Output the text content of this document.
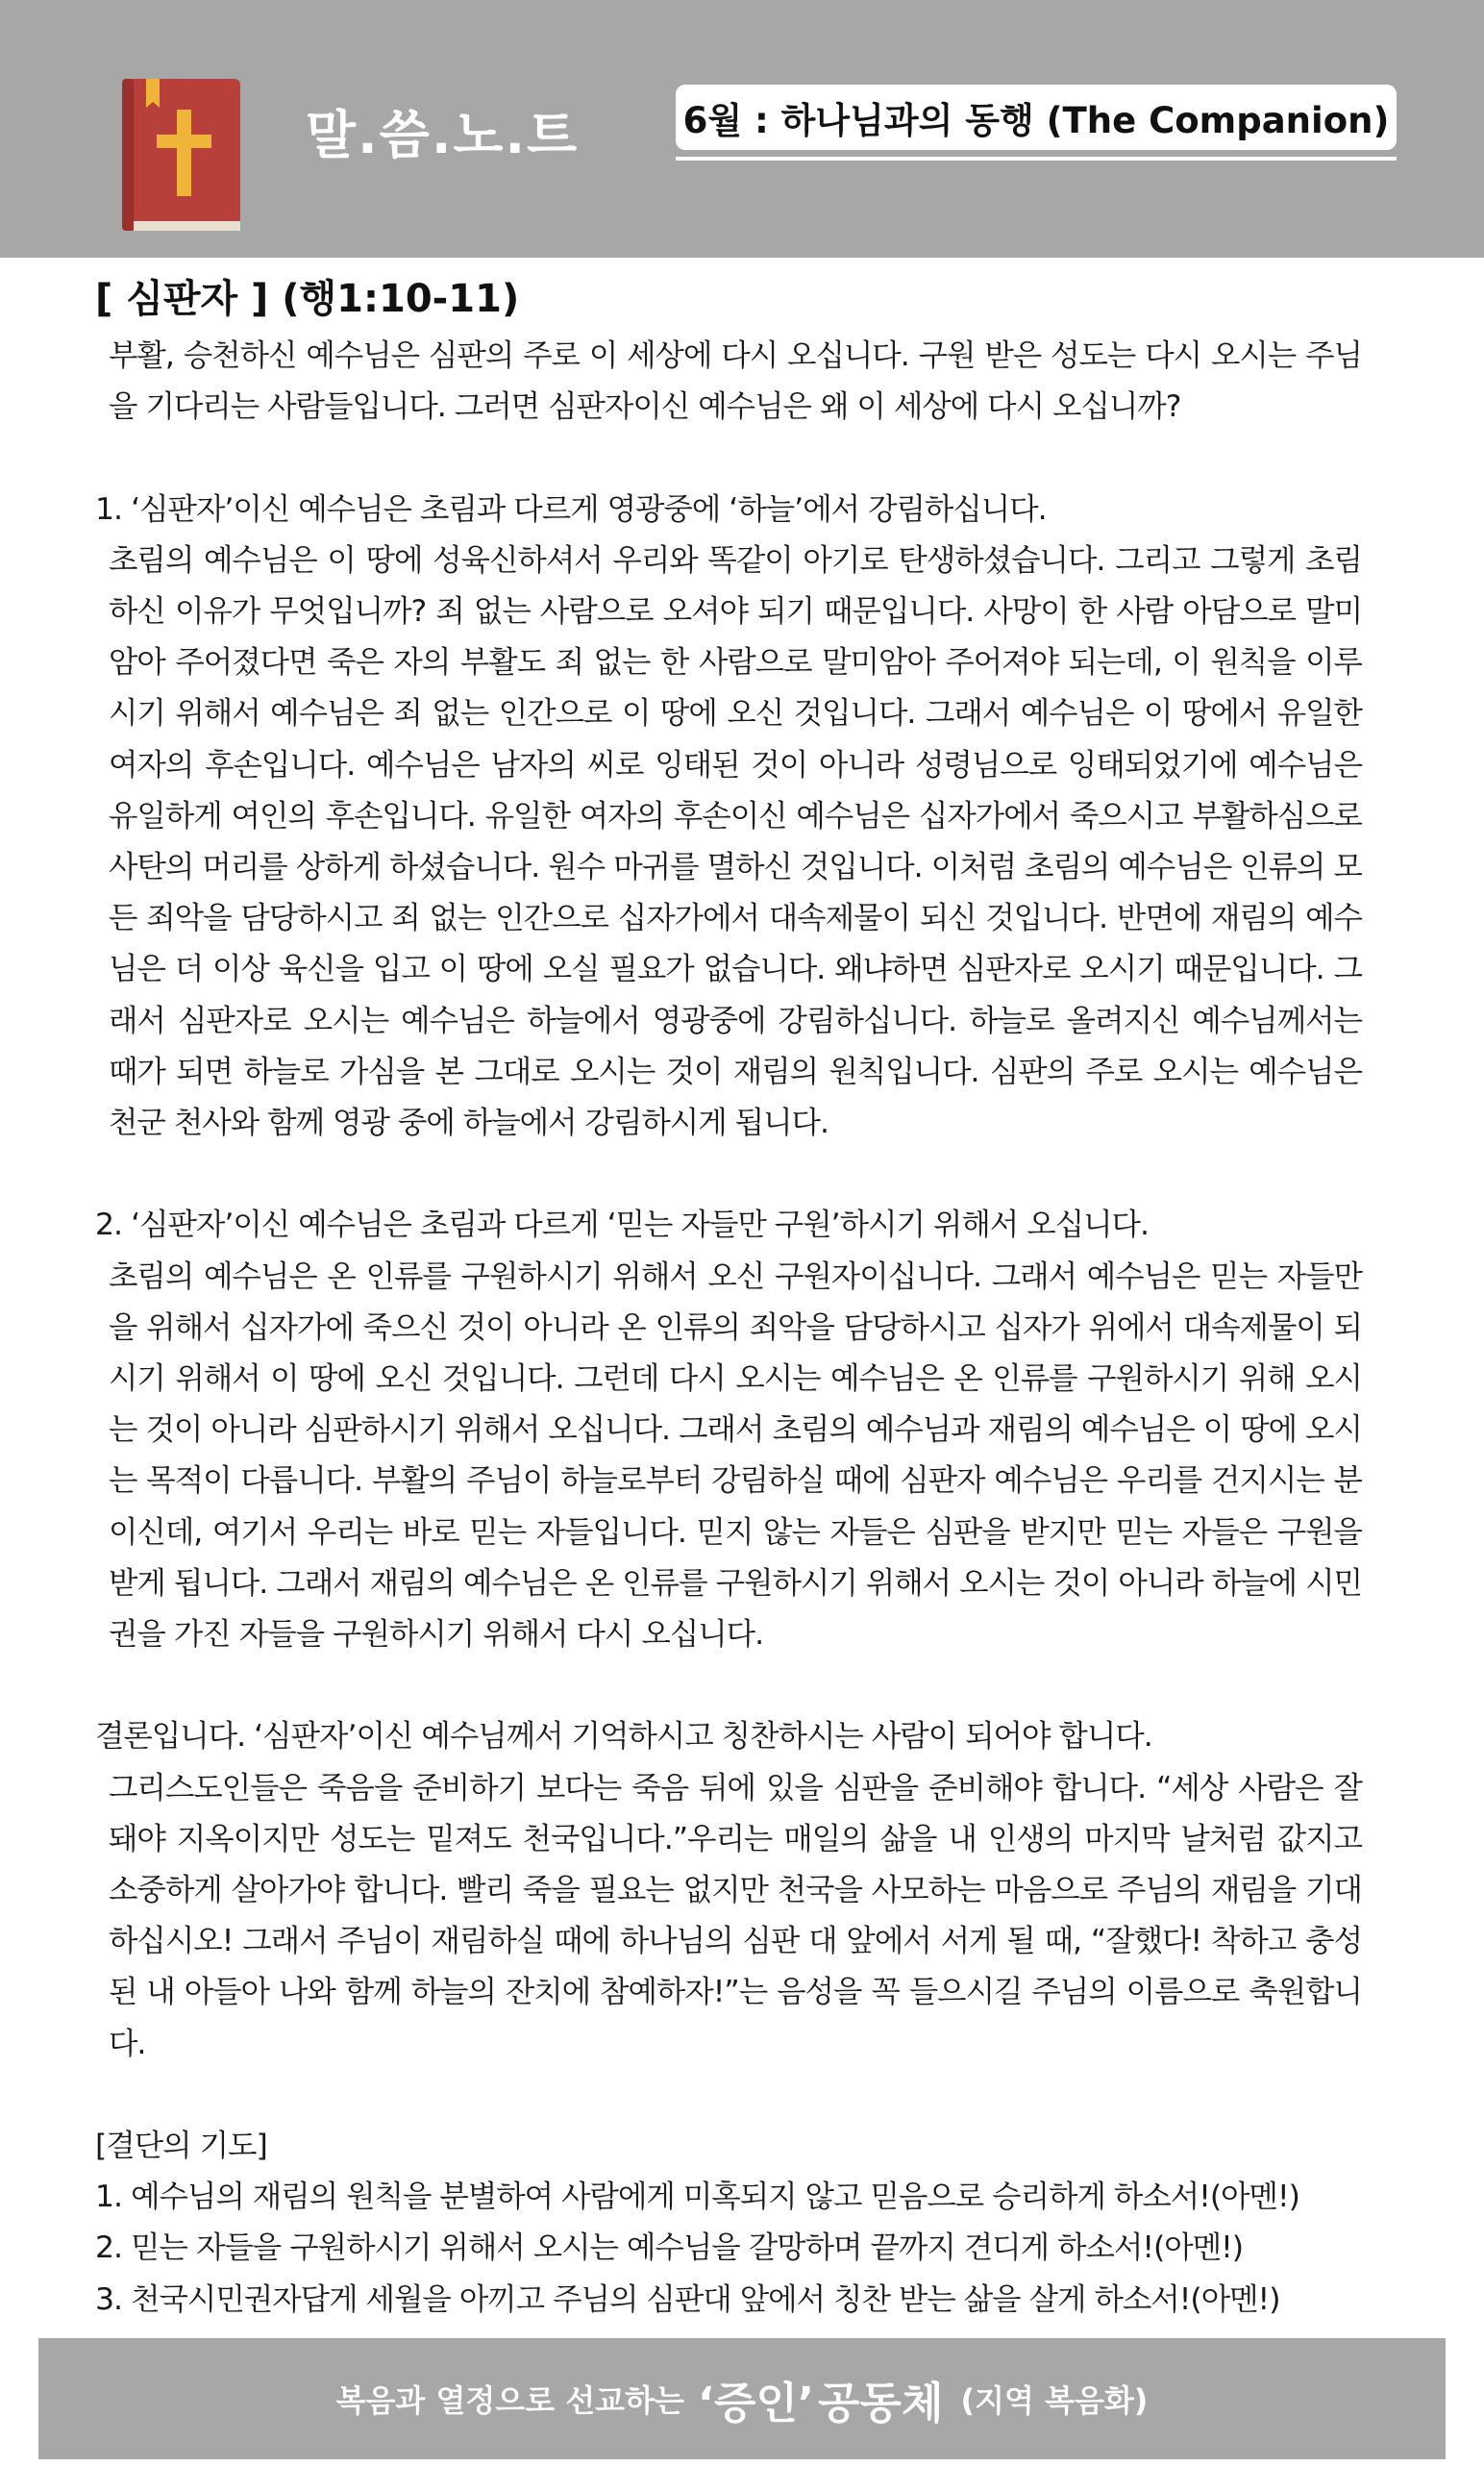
말.씀.노.트	6월 : 하나님과의 동행 (The Companion)
[ 심판자 ] (행1:10-11)

부활, 승천하신 예수님은 심판의 주로 이 세상에 다시 오십니다. 구원 받은 성도는 다시 오시는 주님을 기다리는 사람들입니다. 그러면 심판자이신 예수님은 왜 이 세상에 다시 오십니까?

1. ‘심판자’이신 예수님은 초림과 다르게 영광중에 ‘하늘’에서 강림하십니다.

초림의 예수님은 이 땅에 성육신하셔서 우리와 똑같이 아기로 탄생하셨습니다. 그리고 그렇게 초림하신 이유가 무엇입니까? 죄 없는 사람으로 오셔야 되기 때문입니다. 사망이 한 사람 아담으로 말미암아 주어졌다면 죽은 자의 부활도 죄 없는 한 사람으로 말미암아 주어져야 되는데, 이 원칙을 이루시기 위해서 예수님은 죄 없는 인간으로 이 땅에 오신 것입니다. 그래서 예수님은 이 땅에서 유일한 여자의 후손입니다. 예수님은 남자의 씨로 잉태된 것이 아니라 성령님으로 잉태되었기에 예수님은 유일하게 여인의 후손입니다. 유일한 여자의 후손이신 예수님은 십자가에서 죽으시고 부활하심으로 사탄의 머리를 상하게 하셨습니다. 원수 마귀를 멸하신 것입니다. 이처럼 초림의 예수님은 인류의 모든 죄악을 담당하시고 죄 없는 인간으로 십자가에서 대속제물이 되신 것입니다. 반면에 재림의 예수님은 더 이상 육신을 입고 이 땅에 오실 필요가 없습니다. 왜냐하면 심판자로 오시기 때문입니다. 그래서 심판자로 오시는 예수님은 하늘에서 영광중에 강림하십니다. 하늘로 올려지신 예수님께서는 때가 되면 하늘로 가심을 본 그대로 오시는 것이 재림의 원칙입니다. 심판의 주로 오시는 예수님은 천군 천사와 함께 영광 중에 하늘에서 강림하시게 됩니다.

2. ‘심판자’이신 예수님은 초림과 다르게 ‘믿는 자들만 구원’하시기 위해서 오십니다.

초림의 예수님은 온 인류를 구원하시기 위해서 오신 구원자이십니다. 그래서 예수님은 믿는 자들만을 위해서 십자가에 죽으신 것이 아니라 온 인류의 죄악을 담당하시고 십자가 위에서 대속제물이 되시기 위해서 이 땅에 오신 것입니다. 그런데 다시 오시는 예수님은 온 인류를 구원하시기 위해 오시는 것이 아니라 심판하시기 위해서 오십니다. 그래서 초림의 예수님과 재림의 예수님은 이 땅에 오시는 목적이 다릅니다. 부활의 주님이 하늘로부터 강림하실 때에 심판자 예수님은 우리를 건지시는 분이신데, 여기서 우리는 바로 믿는 자들입니다. 믿지 않는 자들은 심판을 받지만 믿는 자들은 구원을 받게 됩니다. 그래서 재림의 예수님은 온 인류를 구원하시기 위해서 오시는 것이 아니라 하늘에 시민권을 가진 자들을 구원하시기 위해서 다시 오십니다.

결론입니다. ‘심판자’이신 예수님께서 기억하시고 칭찬하시는 사람이 되어야 합니다.

그리스도인들은 죽음을 준비하기 보다는 죽음 뒤에 있을 심판을 준비해야 합니다. “세상 사람은 잘 돼야 지옥이지만 성도는 밑져도 천국입니다.”우리는 매일의 삶을 내 인생의 마지막 날처럼 값지고 소중하게 살아가야 합니다. 빨리 죽을 필요는 없지만 천국을 사모하는 마음으로 주님의 재림을 기대하십시오! 그래서 주님이 재림하실 때에 하나님의 심판 대 앞에서 서게 될 때, “잘했다! 착하고 충성된 내 아들아 나와 함께 하늘의 잔치에 참예하자!”는 음성을 꼭 들으시길 주님의 이름으로 축원합니다.

[결단의 기도]

1. 예수님의 재림의 원칙을 분별하여 사람에게 미혹되지 않고 믿음으로 승리하게 하소서!(아멘!)

2. 믿는 자들을 구원하시기 위해서 오시는 예수님을 갈망하며 끝까지 견디게 하소서!(아멘!)

3. 천국시민권자답게 세월을 아끼고 주님의 심판대 앞에서 칭찬 받는 삶을 살게 하소서!(아멘!)

복음과 열정으로 선교하는 ‘증인’ 공동체 (지역 복음화)
